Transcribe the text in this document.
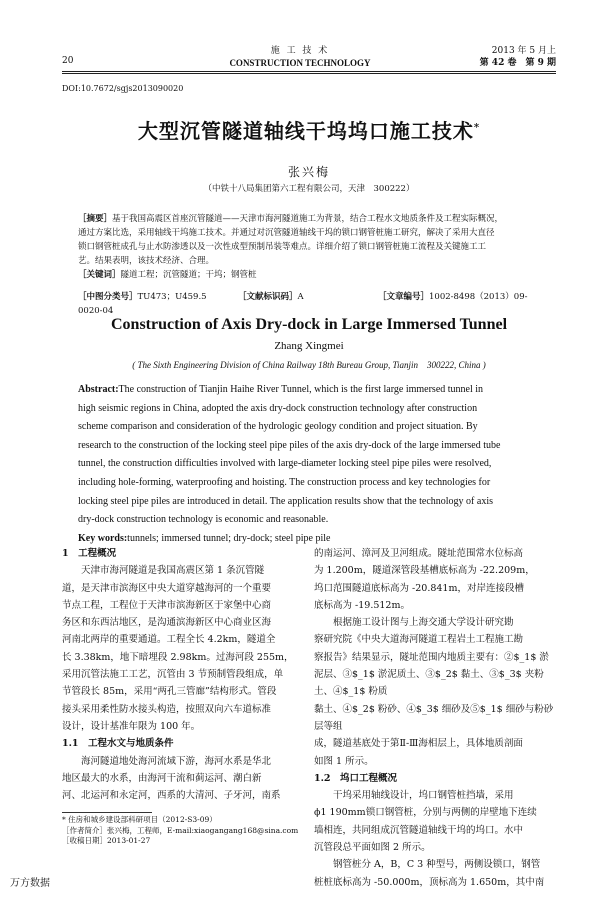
20
施 工 技 术
CONSTRUCTION TECHNOLOGY
2013 年 5 月上
第 42 卷　第 9 期
DOI:10.7672/sgjs2013090020
大型沉管隧道轴线干坞坞口施工技术*
张兴梅
（中铁十八局集团第六工程有限公司，天津　300222）
［摘要］基于我国高震区首座沉管隧道——天津市海河隧道施工为背景，结合工程水文地质条件及工程实际概况，
通过方案比选，采用轴线干坞施工技术。并通过对沉管隧道轴线干坞的锁口钢管桩施工研究，解决了采用大直径
锁口钢管桩成孔与止水防渗透以及一次性成型预制吊装等难点。详细介绍了锁口钢管桩施工流程及关键施工工
艺。结果表明，该技术经济、合理。
［关键词］隧道工程；沉管隧道；干坞；钢管桩
［中图分类号］TU473；U459.5	［文献标识码］A	［文章编号］1002-8498（2013）09-0020-04
Construction of Axis Dry-dock in Large Immersed Tunnel
Zhang Xingmei
( The Sixth Engineering Division of China Railway 18th Bureau Group, Tianjin　300222, China )
Abstract:The construction of Tianjin Haihe River Tunnel, which is the first large immersed tunnel in
high seismic regions in China, adopted the axis dry-dock construction technology after construction
scheme comparison and consideration of the hydrologic geology condition and project situation. By
research to the construction of the locking steel pipe piles of the axis dry-dock of the large immersed tube
tunnel, the construction difficulties involved with large-diameter locking steel pipe piles were resolved,
including hole-forming, waterproofing and hoisting. The construction process and key technologies for
locking steel pipe piles are introduced in detail. The application results show that the technology of axis
dry-dock construction technology is economic and reasonable.
Key words:tunnels; immersed tunnel; dry-dock; steel pipe pile
1　工程概况

天津市海河隧道是我国高震区第 1 条沉管隧

道，是天津市滨海区中央大道穿越海河的一个重要

节点工程，工程位于天津市滨海新区于家堡中心商

务区和东西沽地区，是沟通滨海新区中心商业区海

河南北两岸的重要通道。工程全长 4.2km，隧道全

长 3.38km，地下暗埋段 2.98km。过海河段 255m，

采用沉管法施工工艺，沉管由 3 节预制管段组成，单

节管段长 85m，采用“两孔三管廊”结构形式。管段

接头采用柔性防水接头构造，按照双向六车道标准

设计，设计基准年限为 100 年。

1.1　工程水文与地质条件

海河隧道地处海河流域下游，海河水系是华北

地区最大的水系，由海河干流和蓟运河、潮白新

河、北运河和永定河，西系的大清河、子牙河，南系

* 住房和城乡建设部科研项目（2012-S3-09）
［作者简介］张兴梅，工程师，E-mail:xiaogangang168@sina.com
［收稿日期］2013-01-27

的南运河、漳河及卫河组成。隧址范围常水位标高

为 1.200m，隧道深管段基槽底标高为 -22.209m，

坞口范围隧道底标高为 -20.841m，对岸连接段槽

底标高为 -19.512m。

根据施工设计图与上海交通大学设计研究勘

察研究院《中央大道海河隧道工程岩土工程施工勘

察报告》结果显示，隧址范围内地质主要有：②$_1$ 淤

泥层、③$_1$ 淤泥质土、③$_2$ 黏土、③$_3$ 夹粉土、④$_1$ 粉质

黏土、④$_2$ 粉砂、④$_3$ 细砂及⑤$_1$ 细砂与粉砂层等组

成，隧道基底处于第Ⅱ-Ⅲ海相层上，具体地质剖面

如图 1 所示。

1.2　坞口工程概况

干坞采用轴线设计，坞口钢管桩挡墙，采用

ϕ1 190mm锁口钢管桩，分别与两侧的岸壁地下连续

墙相连，共同组成沉管隧道轴线干坞的坞口。水中

沉管段总平面如图 2 所示。

钢管桩分 A，B，C 3 种型号，两侧设锁口，钢管

桩桩底标高为 -50.000m，顶标高为 1.650m，其中南

万方数据
